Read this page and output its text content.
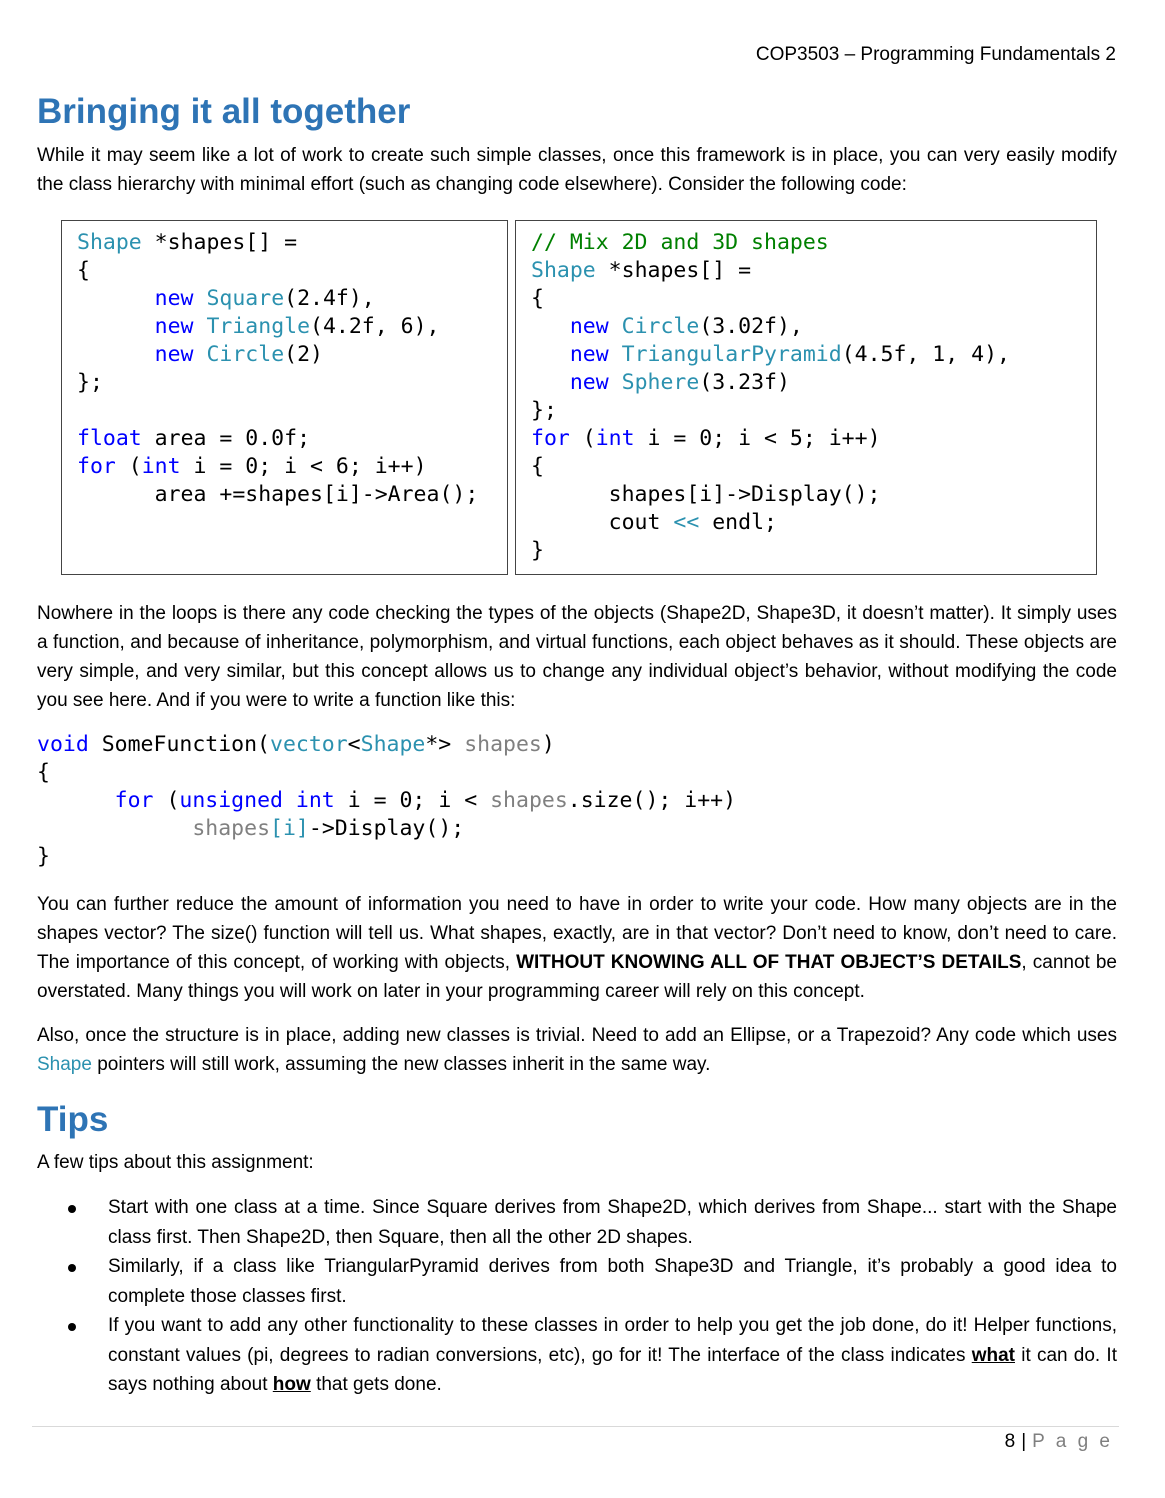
COP3503 – Programming Fundamentals 2
Bringing it all together

While it may seem like a lot of work to create such simple classes, once this framework is in place, you can very easily modify the class hierarchy with minimal effort (such as changing code elsewhere). Consider the following code:

Shape *shapes[] =
{
new Square(2.4f),
new Triangle(4.2f, 6),
new Circle(2)
};

float area = 0.0f;
for (int i = 0; i < 6; i++)
area +=shapes[i]->Area();
// Mix 2D and 3D shapes
Shape *shapes[] =
{
new Circle(3.02f),
new TriangularPyramid(4.5f, 1, 4),
new Sphere(3.23f)
};
for (int i = 0; i < 5; i++)
{
shapes[i]->Display();
cout << endl;
}

Nowhere in the loops is there any code checking the types of the objects (Shape2D, Shape3D, it doesn’t matter). It simply uses a function, and because of inheritance, polymorphism, and virtual functions, each object behaves as it should. These objects are very simple, and very similar, but this concept allows us to change any individual object’s behavior, without modifying the code you see here. And if you were to write a function like this:

void SomeFunction(vector<Shape*> shapes)
{
for (unsigned int i = 0; i < shapes.size(); i++)
shapes[i]->Display();
}

You can further reduce the amount of information you need to have in order to write your code. How many objects are in the shapes vector? The size() function will tell us. What shapes, exactly, are in that vector? Don’t need to know, don’t need to care. The importance of this concept, of working with objects, WITHOUT KNOWING ALL OF THAT OBJECT’S DETAILS, cannot be overstated. Many things you will work on later in your programming career will rely on this concept.

Also, once the structure is in place, adding new classes is trivial. Need to add an Ellipse, or a Trapezoid? Any code which uses Shape pointers will still work, assuming the new classes inherit in the same way.

Tips

A few tips about this assignment:

Start with one class at a time. Since Square derives from Shape2D, which derives from Shape... start with the Shape class first. Then Shape2D, then Square, then all the other 2D shapes.
Similarly, if a class like TriangularPyramid derives from both Shape3D and Triangle, it’s probably a good idea to complete those classes first.
If you want to add any other functionality to these classes in order to help you get the job done, do it! Helper functions, constant values (pi, degrees to radian conversions, etc), go for it! The interface of the class indicates what it can do. It says nothing about how that gets done.
8 | P a g e
